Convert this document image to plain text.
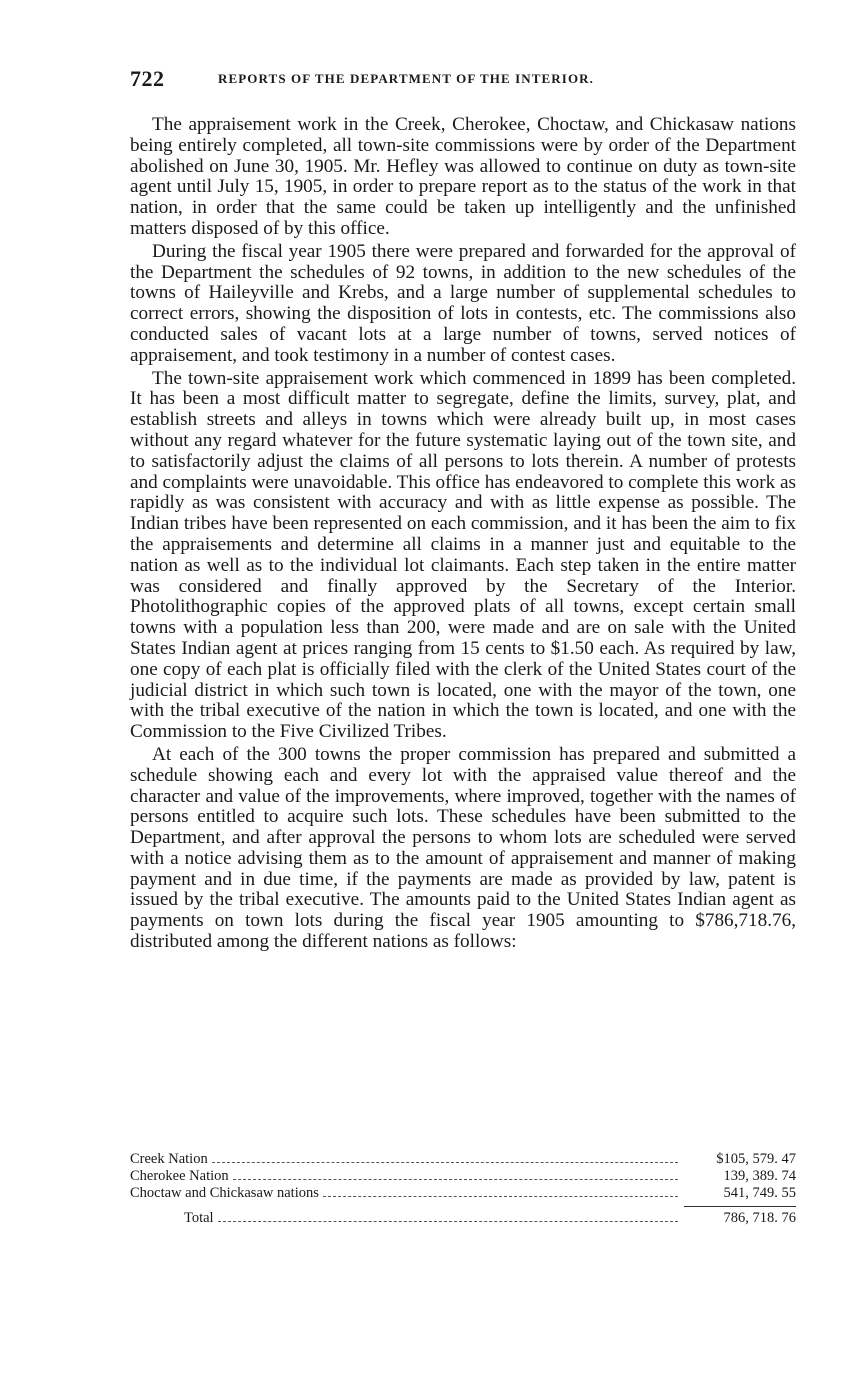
722	REPORTS OF THE DEPARTMENT OF THE INTERIOR.

The appraisement work in the Creek, Cherokee, Choctaw, and Chickasaw nations being entirely completed, all town-site commissions were by order of the Department abolished on June 30, 1905. Mr. Hefley was allowed to continue on duty as town-site agent until July 15, 1905, in order to prepare report as to the status of the work in that nation, in order that the same could be taken up intelligently and the unfinished matters disposed of by this office.

During the fiscal year 1905 there were prepared and forwarded for the approval of the Department the schedules of 92 towns, in addition to the new schedules of the towns of Haileyville and Krebs, and a large number of supplemental schedules to correct errors, showing the disposition of lots in contests, etc. The commissions also conducted sales of vacant lots at a large number of towns, served notices of appraisement, and took testimony in a number of contest cases.

The town-site appraisement work which commenced in 1899 has been completed. It has been a most difficult matter to segregate, define the limits, survey, plat, and establish streets and alleys in towns which were already built up, in most cases without any regard whatever for the future systematic laying out of the town site, and to satisfactorily adjust the claims of all persons to lots therein. A number of protests and complaints were unavoidable. This office has endeavored to complete this work as rapidly as was consistent with accuracy and with as little expense as possible. The Indian tribes have been represented on each commission, and it has been the aim to fix the appraisements and determine all claims in a manner just and equitable to the nation as well as to the individual lot claimants. Each step taken in the entire matter was considered and finally approved by the Secretary of the Interior. Photolithographic copies of the approved plats of all towns, except certain small towns with a population less than 200, were made and are on sale with the United States Indian agent at prices ranging from 15 cents to $1.50 each. As required by law, one copy of each plat is officially filed with the clerk of the United States court of the judicial district in which such town is located, one with the mayor of the town, one with the tribal executive of the nation in which the town is located, and one with the Commission to the Five Civilized Tribes.

At each of the 300 towns the proper commission has prepared and submitted a schedule showing each and every lot with the appraised value thereof and the character and value of the improvements, where improved, together with the names of persons entitled to acquire such lots. These schedules have been submitted to the Department, and after approval the persons to whom lots are scheduled were served with a notice advising them as to the amount of appraisement and manner of making payment and in due time, if the payments are made as provided by law, patent is issued by the tribal executive. The amounts paid to the United States Indian agent as payments on town lots during the fiscal year 1905 amounting to $786,718.76, distributed among the different nations as follows:

Creek Nation	$105, 579. 47
Cherokee Nation	139, 389. 74
Choctaw and Chickasaw nations	541, 749. 55
Total	786, 718. 76
